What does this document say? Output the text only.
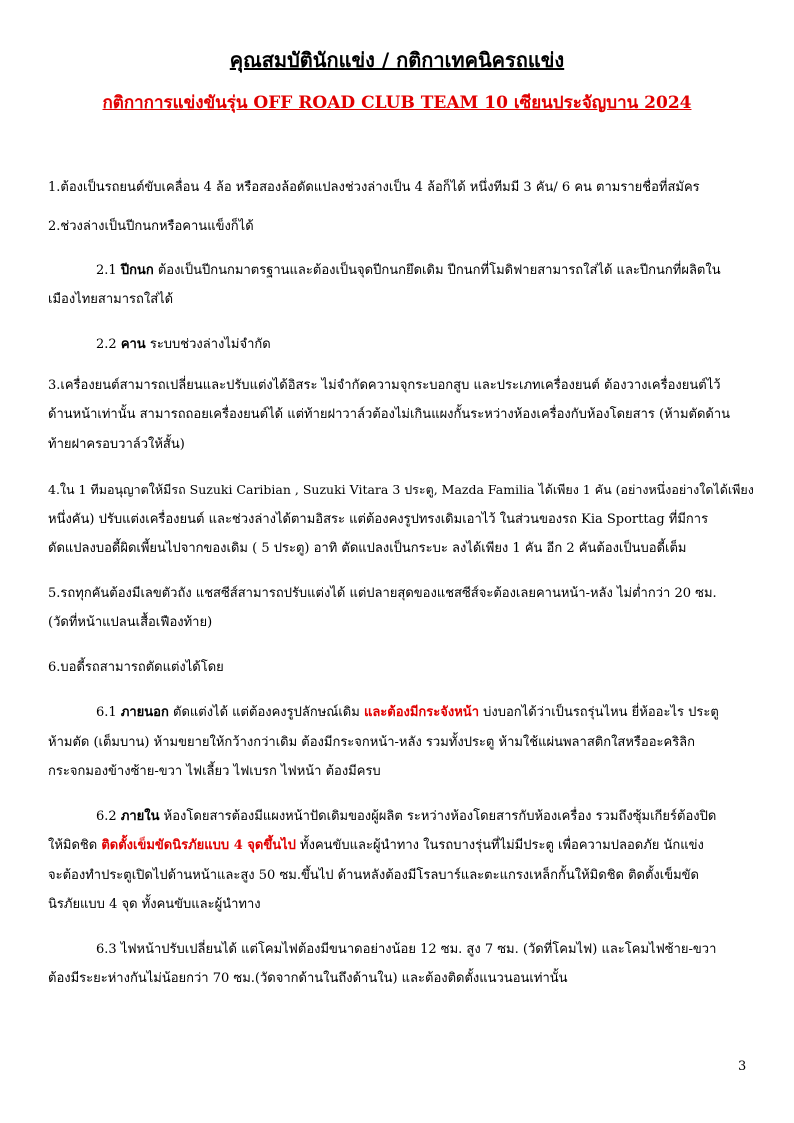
คุณสมบัตินักแข่ง / กติกาเทคนิครถแข่ง
กติกาการแข่งขันรุ่น OFF ROAD CLUB TEAM 10 เซียนประจัญบาน 2024
1.ต้องเป็นรถยนต์ขับเคลื่อน 4 ล้อ หรือสองล้อดัดแปลงช่วงล่างเป็น 4 ล้อก็ได้ หนึ่งทีมมี 3 คัน/ 6 คน ตามรายชื่อที่สมัคร
2.ช่วงล่างเป็นปีกนกหรือคานแข็งก็ได้
2.1 ปีกนก ต้องเป็นปีกนกมาตรฐานและต้องเป็นจุดปีกนกยึดเดิม ปีกนกที่โมดิฟายสามารถใส่ได้ และปีกนกที่ผลิตใน
เมืองไทยสามารถใส่ได้
2.2 คาน ระบบช่วงล่างไม่จำกัด
3.เครื่องยนต์สามารถเปลี่ยนและปรับแต่งได้อิสระ ไม่จำกัดความจุกระบอกสูบ และประเภทเครื่องยนต์ ต้องวางเครื่องยนต์ไว้
ด้านหน้าเท่านั้น สามารถถอยเครื่องยนต์ได้ แต่ท้ายฝาวาล์วต้องไม่เกินแผงกั้นระหว่างห้องเครื่องกับห้องโดยสาร (ห้ามตัดด้าน
ท้ายฝาครอบวาล์วให้สั้น)
4.ใน 1 ทีมอนุญาตให้มีรถ Suzuki Caribian , Suzuki Vitara 3 ประตู, Mazda Familia ได้เพียง 1 คัน (อย่างหนึ่งอย่างใดได้เพียง
หนึ่งคัน) ปรับแต่งเครื่องยนต์ และช่วงล่างได้ตามอิสระ แต่ต้องคงรูปทรงเดิมเอาไว้ ในส่วนของรถ Kia Sporttag ที่มีการ
ดัดแปลงบอดี้ผิดเพี้ยนไปจากของเดิม ( 5 ประตู) อาทิ ตัดแปลงเป็นกระบะ ลงได้เพียง 1 คัน อีก 2 คันต้องเป็นบอดี้เต็ม
5.รถทุกคันต้องมีเลขตัวถัง แชสซีส์สามารถปรับแต่งได้ แต่ปลายสุดของแชสซีส์จะต้องเลยคานหน้า-หลัง ไม่ต่ำกว่า 20 ซม.
(วัดที่หน้าแปลนเสื้อเฟืองท้าย)
6.บอดี้รถสามารถตัดแต่งได้โดย
6.1 ภายนอก ตัดแต่งได้ แต่ต้องคงรูปลักษณ์เดิม และต้องมีกระจังหน้า บ่งบอกได้ว่าเป็นรถรุ่นไหน ยี่ห้ออะไร ประตู
ห้ามตัด (เต็มบาน) ห้ามขยายให้กว้างกว่าเดิม ต้องมีกระจกหน้า-หลัง รวมทั้งประตู ห้ามใช้แผ่นพลาสติกใสหรืออะคริลิก
กระจกมองข้างซ้าย-ขวา ไฟเลี้ยว ไฟเบรก ไฟหน้า ต้องมีครบ
6.2 ภายใน ห้องโดยสารต้องมีแผงหน้าปัดเดิมของผู้ผลิต ระหว่างห้องโดยสารกับห้องเครื่อง รวมถึงซุ้มเกียร์ต้องปิด
ให้มิดชิด ติดตั้งเข็มขัดนิรภัยแบบ 4 จุดขึ้นไป ทั้งคนขับและผู้นำทาง ในรถบางรุ่นที่ไม่มีประตู เพื่อความปลอดภัย นักแข่ง
จะต้องทำประตูเปิดไปด้านหน้าและสูง 50 ซม.ขึ้นไป ด้านหลังต้องมีโรลบาร์และตะแกรงเหล็กกั้นให้มิดชิด ติดตั้งเข็มขัด
นิรภัยแบบ 4 จุด ทั้งคนขับและผู้นำทาง
6.3 ไฟหน้าปรับเปลี่ยนได้ แต่โคมไฟต้องมีขนาดอย่างน้อย 12 ซม. สูง 7 ซม. (วัดที่โคมไฟ) และโคมไฟซ้าย-ขวา
ต้องมีระยะห่างกันไม่น้อยกว่า 70 ซม.(วัดจากด้านในถึงด้านใน) และต้องติดตั้งแนวนอนเท่านั้น
3
